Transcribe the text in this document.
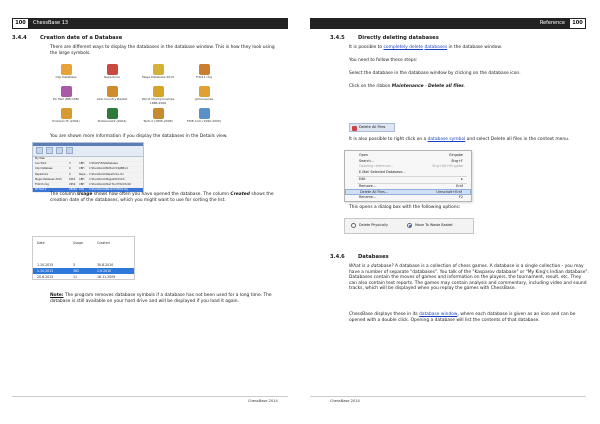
100	ChessBase 13
3.4.4	Creation date of a Database

There are different ways to display the databases in the database window. This is how they look using the large symbols.

Clip Database	Repertoire	Mega Database 2015	Frtz11.cbg
PC Test (MB-USB)	Aldo Country Basket	World Championships 1886-2006
jetnonsense
Problem t5 (2004)	Problemeb2 (2004)	Tacti-2 (1895-2008)	FIDE Arch (1990-2005)

You are shown more information if you display the databases in the Details view.

My Web
Aux Plink	3	CBH C:\Elok\Fritz\Databases
Clip Database	0	CBH C:\Handbook\Bottom\ClipBB\x1
Repertoire	0	Repe... C:\Handbook\Repertoire.cbl
Mega Database 2015	6161 CBH C:\Handbook\Mega2015\cbh
Fritz13.cbg	2950 CBH C:\Handbook\Test Tool Fritz13\cbh
PC Test 2	28999 CTG C:\Handbook\Bank13 PCG2.ctg

The column Usage shows how often you have opened the database. The column Created shows the creation date of the databases, which you might want to use for sorting the list.

Date	Usage	Created
1.10.2015	3	30.8.2010
1.10.2015	362	1.9.2010
20.6.2015	11	18.11.2009

Note: The program removes database symbols if a database has not been used for a long time. The database is still available on your hard drive and will be displayed if you load it again.

ChessBase 2014
Reference	100
3.4.5	Directly deleting databases

It is possible to completely delete databases in the database window.

You need to follow these steps:

Select the database in the database window by clicking on the database icon.

Click on the ribbon Maintenance - Delete all files.

Delete All Files

It is also possible to right click on a database symbol and select Delete all files in the context menu.

Open	Eingabe
Search...	Strg+F
Opening reference...	Strg+Alt+Eingabe
E-Mail Selected Database...
Edit	▸
Remove...	Entf
Delete All Files...	Umschalt+Entf
Rename...	F2

This opens a dialog box with the following options:

Delete Physically	Move To Waste Basket
3.4.6	Databases

What is a database? A database is a collection of chess games. A database is a single collection - you may have a number of separate "databases". You talk of the "Kasparov database" or "My King's Indian database". Databases contain the moves of games and information on the players, the tournament, result, etc. They can also contain text reports. The games may contain analysis and commentary, including video and sound tracks, which will be displayed when you replay the games with ChessBase.

ChessBase displays these in its database window, where each database is given as an icon and can be opened with a double click. Opening a database will list the contents of that database.

ChessBase 2014
